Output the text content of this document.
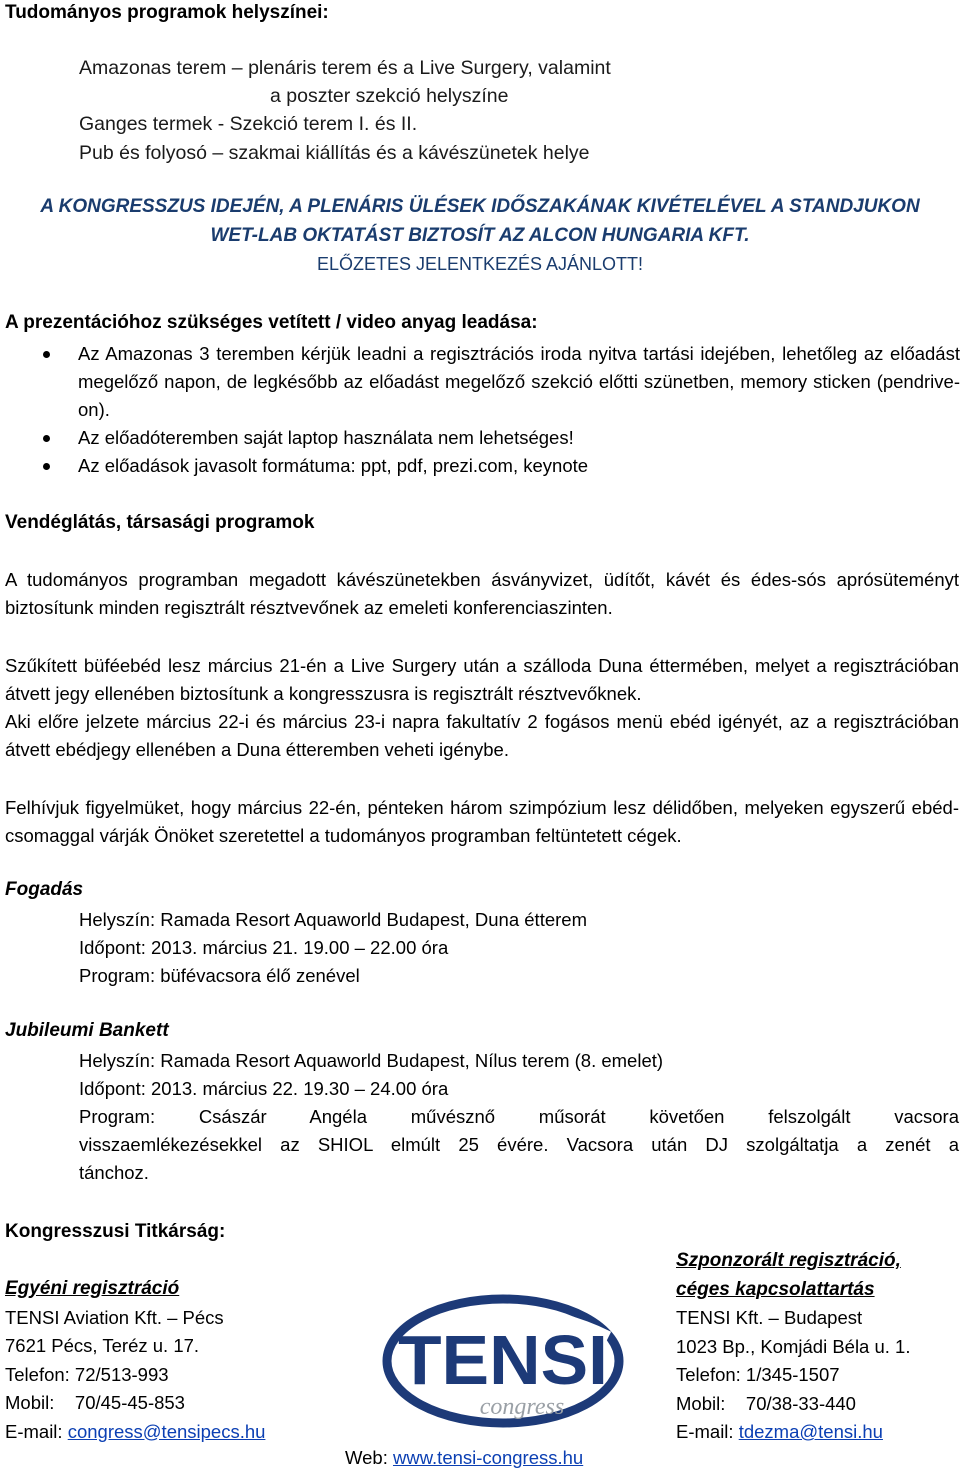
Tudományos programok helyszínei:
Amazonas terem – plenáris terem és a Live Surgery, valamint
a poszter szekció helyszíne
Ganges termek - Szekció terem I. és II.
Pub és folyosó – szakmai kiállítás és a kávészünetek helye
A KONGRESSZUS IDEJÉN, A PLENÁRIS ÜLÉSEK IDŐSZAKÁNAK KIVÉTELÉVEL A STANDJUKON
WET-LAB OKTATÁST BIZTOSÍT AZ ALCON HUNGARIA KFT.
ELŐZETES JELENTKEZÉS AJÁNLOTT!
A prezentációhoz szükséges vetített / video anyag leadása:
Az Amazonas 3 teremben kérjük leadni a regisztrációs iroda nyitva tartási idejében, lehetőleg az előadást megelőző napon, de legkésőbb az előadást megelőző szekció előtti szünetben, memory sticken (pendrive-on).
Az előadóteremben saját laptop használata nem lehetséges!
Az előadások javasolt formátuma: ppt, pdf, prezi.com, keynote
Vendéglátás, társasági programok
A tudományos programban megadott kávészünetekben ásványvizet, üdítőt, kávét és édes-sós aprósüteményt biztosítunk minden regisztrált résztvevőnek az emeleti konferenciaszinten.
Szűkített büféebéd lesz március 21-én a Live Surgery után a szálloda Duna éttermében, melyet a regisztrációban átvett jegy ellenében biztosítunk a kongresszusra is regisztrált résztvevőknek.
Aki előre jelzete március 22-i és március 23-i napra fakultatív 2 fogásos menü ebéd igényét, az a regisztrációban átvett ebédjegy ellenében a Duna étteremben veheti igénybe.
Felhívjuk figyelmüket, hogy március 22-én, pénteken három szimpózium lesz délidőben, melyeken egyszerű ebéd-csomaggal várják Önöket szeretettel a tudományos programban feltüntetett cégek.
Fogadás
Helyszín: Ramada Resort Aquaworld Budapest, Duna étterem
Időpont: 2013. március 21. 19.00 – 22.00 óra
Program: büfévacsora élő zenével
Jubileumi Bankett
Helyszín: Ramada Resort Aquaworld Budapest, Nílus terem (8. emelet)
Időpont: 2013. március 22. 19.30 – 24.00 óra
Program: Császár Angéla művésznő műsorát követően felszolgált vacsora
visszaemlékezésekkel az SHIOL elmúlt 25 évére. Vacsora után DJ szolgáltatja a zenét a
tánchoz.
Kongresszusi Titkárság:
Egyéni regisztráció
TENSI Aviation Kft. – Pécs
7621 Pécs, Teréz u. 17.
Telefon: 72/513-993
Mobil:    70/45-45-853
E-mail: congress@tensipecs.hu
Szponzorált regisztráció,
céges kapcsolattartás
TENSI Kft. – Budapest
1023 Bp., Komjádi Béla u. 1.
Telefon: 1/345-1507
Mobil:    70/38-33-440
E-mail: tdezma@tensi.hu
TENSI
congress
Web: www.tensi-congress.hu
